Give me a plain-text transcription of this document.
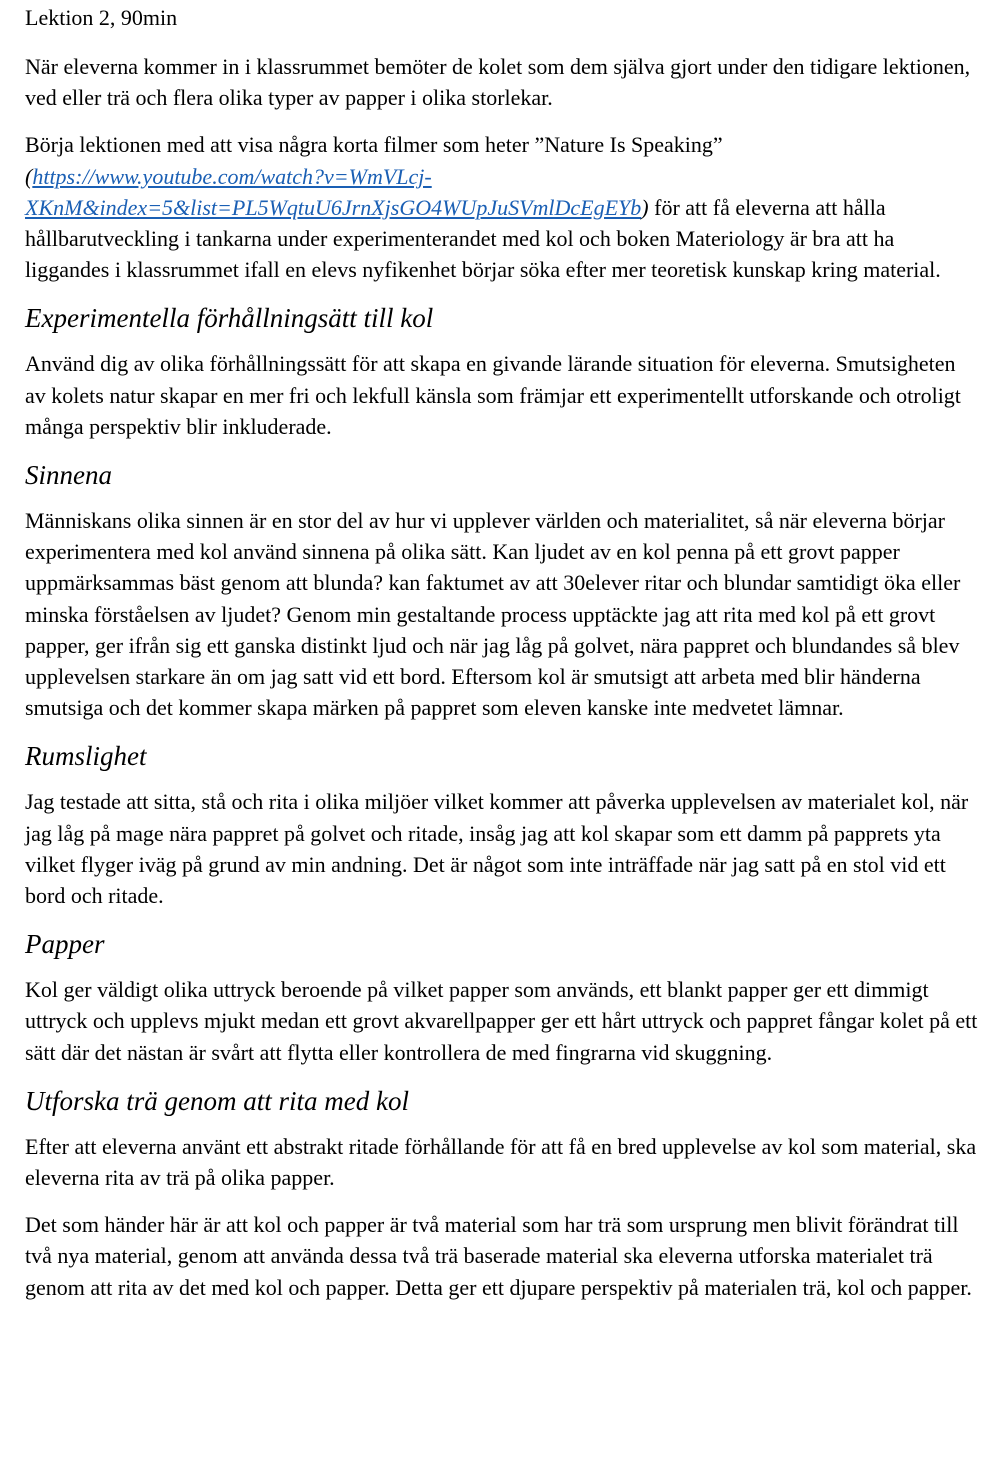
Lektion 2, 90min

När eleverna kommer in i klassrummet bemöter de kolet som dem själva gjort under den tidigare lektionen, ved eller trä och flera olika typer av papper i olika storlekar.

Börja lektionen med att visa några korta filmer som heter ”Nature Is Speaking”
(https://www.youtube.com/watch?v=WmVLcj-
XKnM&index=5&list=PL5WqtuU6JrnXjsGO4WUpJuSVmlDcEgEYb) för att få eleverna att hålla hållbarutveckling i tankarna under experimenterandet med kol och boken Materiology är bra att ha liggandes i klassrummet ifall en elevs nyfikenhet börjar söka efter mer teoretisk kunskap kring material.

Experimentella förhållningsätt till kol

Använd dig av olika förhållningssätt för att skapa en givande lärande situation för eleverna. Smutsigheten av kolets natur skapar en mer fri och lekfull känsla som främjar ett experimentellt utforskande och otroligt många perspektiv blir inkluderade.

Sinnena

Människans olika sinnen är en stor del av hur vi upplever världen och materialitet, så när eleverna börjar experimentera med kol använd sinnena på olika sätt. Kan ljudet av en kol penna på ett grovt papper uppmärksammas bäst genom att blunda? kan faktumet av att 30elever ritar och blundar samtidigt öka eller minska förståelsen av ljudet? Genom min gestaltande process upptäckte jag att rita med kol på ett grovt papper, ger ifrån sig ett ganska distinkt ljud och när jag låg på golvet, nära pappret och blundandes så blev upplevelsen starkare än om jag satt vid ett bord. Eftersom kol är smutsigt att arbeta med blir händerna smutsiga och det kommer skapa märken på pappret som eleven kanske inte medvetet lämnar.

Rumslighet

Jag testade att sitta, stå och rita i olika miljöer vilket kommer att påverka upplevelsen av materialet kol, när jag låg på mage nära pappret på golvet och ritade, insåg jag att kol skapar som ett damm på papprets yta vilket flyger iväg på grund av min andning. Det är något som inte inträffade när jag satt på en stol vid ett bord och ritade.

Papper

Kol ger väldigt olika uttryck beroende på vilket papper som används, ett blankt papper ger ett dimmigt uttryck och upplevs mjukt medan ett grovt akvarellpapper ger ett hårt uttryck och pappret fångar kolet på ett sätt där det nästan är svårt att flytta eller kontrollera de med fingrarna vid skuggning.

Utforska trä genom att rita med kol

Efter att eleverna använt ett abstrakt ritade förhållande för att få en bred upplevelse av kol som material, ska eleverna rita av trä på olika papper.

Det som händer här är att kol och papper är två material som har trä som ursprung men blivit förändrat till två nya material, genom att använda dessa två trä baserade material ska eleverna utforska materialet trä genom att rita av det med kol och papper. Detta ger ett djupare perspektiv på materialen trä, kol och papper.
